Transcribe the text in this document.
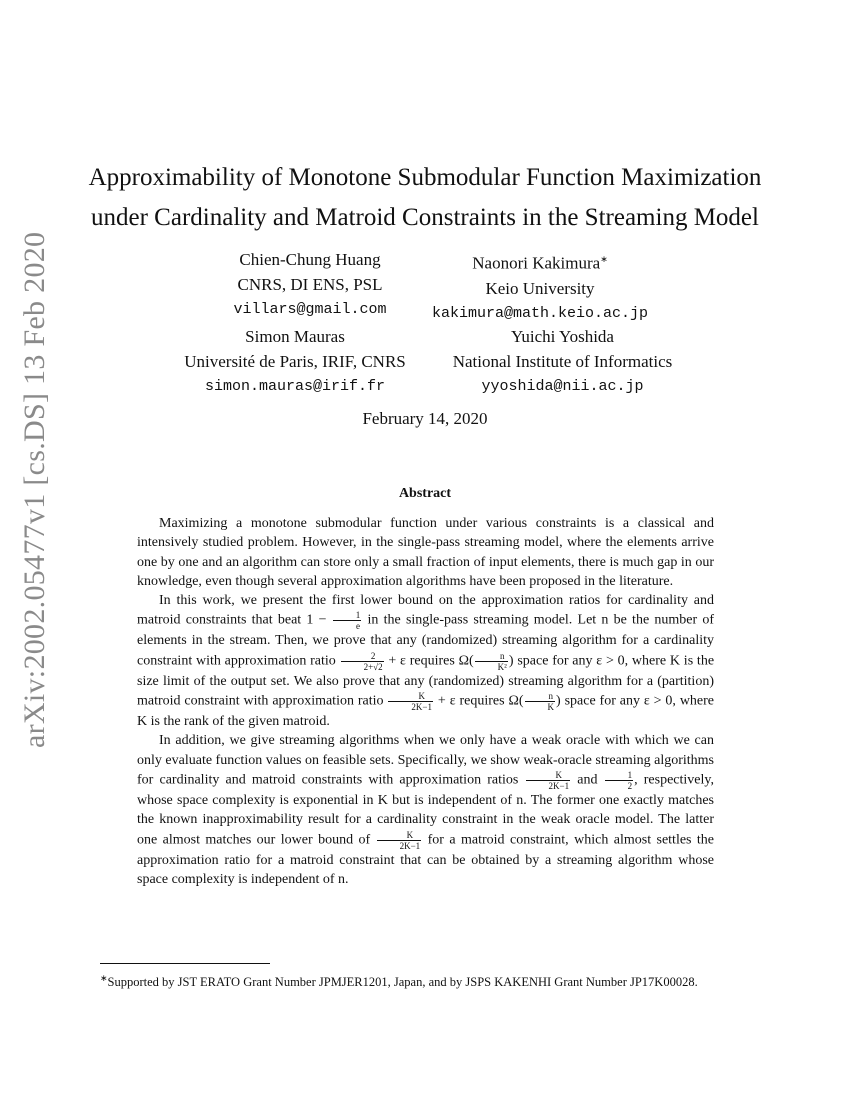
arXiv:2002.05477v1 [cs.DS] 13 Feb 2020
Approximability of Monotone Submodular Function Maximization
under Cardinality and Matroid Constraints in the Streaming Model
Chien-Chung Huang
CNRS, DI ENS, PSL
villars@gmail.com
Naonori Kakimura∗
Keio University
kakimura@math.keio.ac.jp
Simon Mauras
Université de Paris, IRIF, CNRS
simon.mauras@irif.fr
Yuichi Yoshida
National Institute of Informatics
yyoshida@nii.ac.jp
February 14, 2020
Abstract

Maximizing a monotone submodular function under various constraints is a classical and intensively studied problem. However, in the single-pass streaming model, where the elements arrive one by one and an algorithm can store only a small fraction of input elements, there is much gap in our knowledge, even though several approximation algorithms have been proposed in the literature.

In this work, we present the first lower bound on the approximation ratios for cardinality and matroid constraints that beat $1 - \frac{1}{e}$ in the single-pass streaming model. Let n be the number of elements in the stream. Then, we prove that any (randomized) streaming algorithm for a cardinality constraint with approximation ratio $\frac{2}{2+√2} + \varepsilon$ requires $\Omega( \frac{n}{\text{K²}}$ ) space for any ε > 0, where K is the size limit of the output set. We also prove that any (randomized) streaming algorithm for a (partition) matroid constraint with approximation ratio $\frac{K}{2K-1} + \varepsilon$ requires $\Omega( \frac{n}{K}$ ) space for any ε > 0, where K is the rank of the given matroid.

In addition, we give streaming algorithms when we only have a weak oracle with which we can only evaluate function values on feasible sets. Specifically, we show weak-oracle streaming algorithms for cardinality and matroid constraints with approximation ratios $\frac{K}{2K-1}$ and $\frac{1}{2}$ , respectively, whose space complexity is exponential in K but is independent of n. The former one exactly matches the known inapproximability result for a cardinality constraint in the weak oracle model. The latter one almost matches our lower bound of $\frac{K}{2K-1}$ for a matroid constraint, which almost settles the approximation ratio for a matroid constraint that can be obtained by a streaming algorithm whose space complexity is independent of n.

∗Supported by JST ERATO Grant Number JPMJER1201, Japan, and by JSPS KAKENHI Grant Number JP17K00028.
